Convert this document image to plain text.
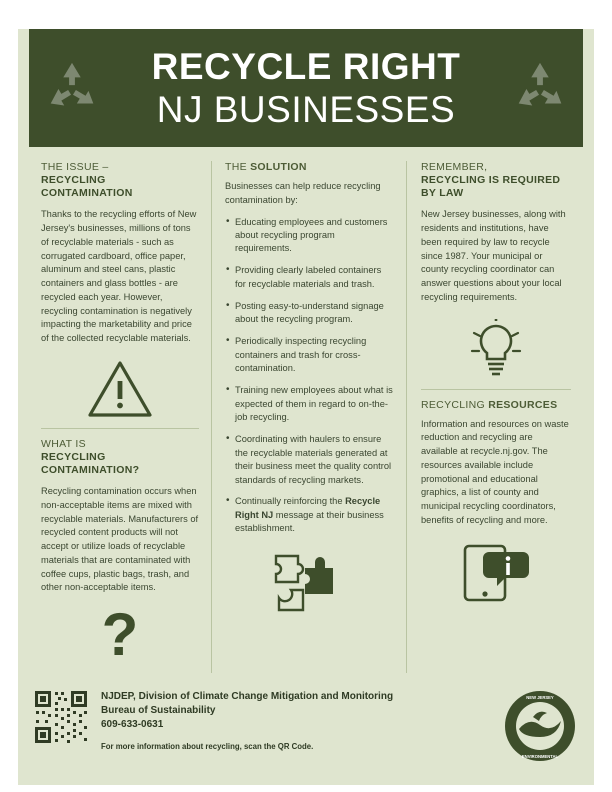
RECYCLE RIGHT
NJ BUSINESSES
THE ISSUE –
RECYCLING CONTAMINATION

Thanks to the recycling efforts of New Jersey's businesses, millions of tons of recyclable materials - such as corrugated cardboard, office paper, aluminum and steel cans, plastic containers and glass bottles - are recycled each year. However, recycling contamination is negatively impacting the marketability and price of the collected recyclable materials.

WHAT IS
RECYCLING CONTAMINATION?

Recycling contamination occurs when non-acceptable items are mixed with recyclable materials. Manufacturers of recycled content products will not accept or utilize loads of recyclable materials that are contaminated with coffee cups, plastic bags, trash, and other non-acceptable items.

?
THE SOLUTION

Businesses can help reduce recycling contamination by:

• Educating employees and customers about recycling program requirements.
• Providing clearly labeled containers for recyclable materials and trash.
• Posting easy-to-understand signage about the recycling program.
• Periodically inspecting recycling containers and trash for cross-contamination.
• Training new employees about what is expected of them in regard to on-the-job recycling.
• Coordinating with haulers to ensure the recyclable materials generated at their business meet the quality control standards of recycling markets.
• Continually reinforcing the Recycle Right NJ message at their business establishment.
REMEMBER,
RECYCLING IS REQUIRED BY LAW

New Jersey businesses, along with residents and institutions, have been required by law to recycle since 1987. Your municipal or county recycling coordinator can answer questions about your local recycling requirements.

RECYCLING RESOURCES

Information and resources on waste reduction and recycling are available at recycle.nj.gov. The resources available include promotional and educational graphics, a list of county and municipal recycling coordinators, benefits of recycling and more.

NJDEP, Division of Climate Change Mitigation and Monitoring
Bureau of Sustainability
609-633-0631
For more information about recycling, scan the QR Code.
NEW JERSEY
ENVIRONMENTAL
